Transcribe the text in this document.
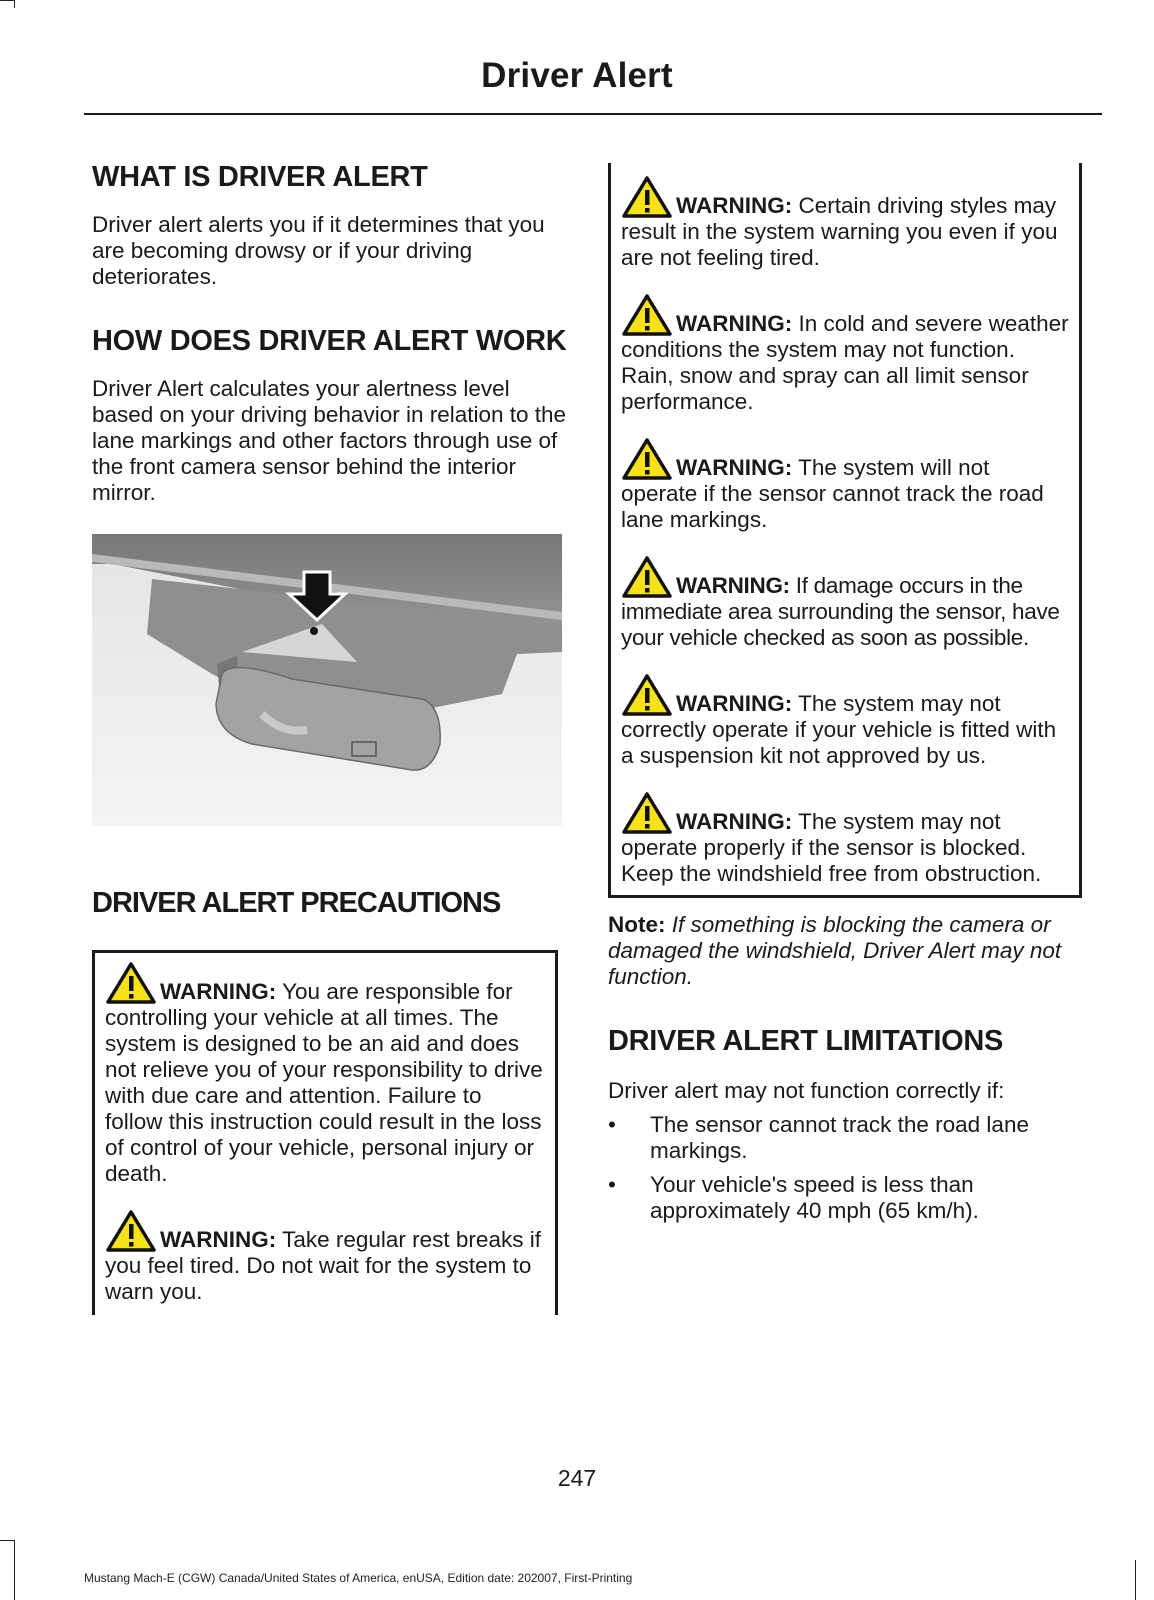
Driver Alert
WHAT IS DRIVER ALERT

Driver alert alerts you if it determines that you are becoming drowsy or if your driving deteriorates.

HOW DOES DRIVER ALERT WORK

Driver Alert calculates your alertness level based on your driving behavior in relation to the lane markings and other factors through use of the front camera sensor behind the interior mirror.

DRIVER ALERT PRECAUTIONS

WARNING: You are responsible for controlling your vehicle at all times. The system is designed to be an aid and does not relieve you of your responsibility to drive with due care and attention. Failure to follow this instruction could result in the loss of control of your vehicle, personal injury or death.

WARNING: Take regular rest breaks if you feel tired. Do not wait for the system to warn you.

WARNING: Certain driving styles may result in the system warning you even if you are not feeling tired.

WARNING: In cold and severe weather conditions the system may not function. Rain, snow and spray can all limit sensor performance.

WARNING: The system will not operate if the sensor cannot track the road lane markings.

WARNING: If damage occurs in the immediate area surrounding the sensor, have your vehicle checked as soon as possible.

WARNING: The system may not correctly operate if your vehicle is fitted with a suspension kit not approved by us.

WARNING: The system may not operate properly if the sensor is blocked. Keep the windshield free from obstruction.

Note: If something is blocking the camera or damaged the windshield, Driver Alert may not function.

DRIVER ALERT LIMITATIONS

Driver alert may not function correctly if:

• The sensor cannot track the road lane markings.
• Your vehicle's speed is less than approximately 40 mph (65 km/h).

247

Mustang Mach-E (CGW) Canada/United States of America, enUSA, Edition date: 202007, First-Printing
